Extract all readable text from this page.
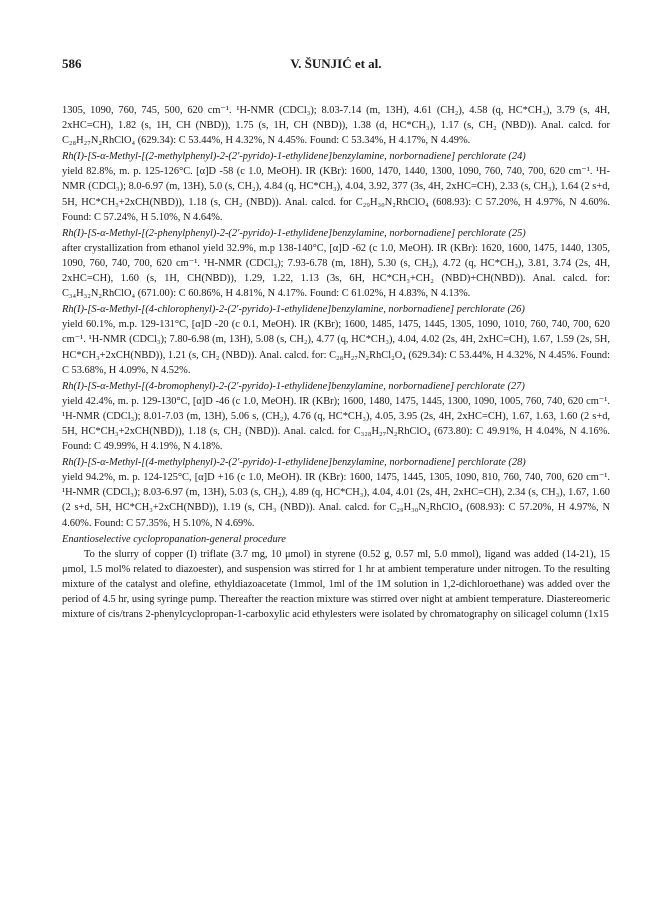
586	V. ŠUNJIĆ et al.

1305, 1090, 760, 745, 500, 620 cm⁻¹. ¹H-NMR (CDCl₃); 8.03-7.14 (m, 13H), 4.61 (CH₂), 4.58 (q, HC*CH₃), 3.79 (s, 4H, 2xHC=CH), 1.82 (s, 1H, CH (NBD)), 1.75 (s, 1H, CH (NBD)), 1.38 (d, HC*CH₃), 1.17 (s, CH₂ (NBD)). Anal. calcd. for C₂₈H₂₇N₂RhClO₄ (629.34): C 53.44%, H 4.32%, N 4.45%. Found: C 53.34%, H 4.17%, N 4.49%.

Rh(I)-[S-α-Methyl-[(2-methylphenyl)-2-(2'-pyrido)-1-ethylidene]benzylamine, norbornadiene] perchlorate (24)

yield 82.8%, m. p. 125-126°C. [α]D -58 (c 1.0, MeOH). IR (KBr): 1600, 1470, 1440, 1300, 1090, 760, 740, 700, 620 cm⁻¹. ¹H-NMR (CDCl₃); 8.0-6.97 (m, 13H), 5.0 (s, CH₂), 4.84 (q, HC*CH₃), 4.04, 3.92, 377 (3s, 4H, 2xHC=CH), 2.33 (s, CH₃), 1.64 (2 s+d, 5H, HC*CH₃+2xCH(NBD)), 1.18 (s, CH₂ (NBD)). Anal. calcd. for C₂₉H₃₀N₂RhClO₄ (608.93): C 57.20%, H 4.97%, N 4.60%. Found: C 57.24%, H 5.10%, N 4.64%.

Rh(I)-[S-α-Methyl-[(2-phenylphenyl)-2-(2'-pyrido)-1-ethylidene]benzylamine, norbornadiene] perchlorate (25)

after crystallization from ethanol yield 32.9%, m.p 138-140°C, [α]D -62 (c 1.0, MeOH). IR (KBr): 1620, 1600, 1475, 1440, 1305, 1090, 760, 740, 700, 620 cm⁻¹. ¹H-NMR (CDCl₃); 7.93-6.78 (m, 18H), 5.30 (s, CH₂), 4.72 (q, HC*CH₃), 3.81, 3.74 (2s, 4H, 2xHC=CH), 1.60 (s, 1H, CH(NBD)), 1.29, 1.22, 1.13 (3s, 6H, HC*CH₃+CH₂ (NBD)+CH(NBD)). Anal. calcd. for: C₃₄H₃₂N₂RhClO₄ (671.00): C 60.86%, H 4.81%, N 4.17%. Found: C 61.02%, H 4.83%, N 4.13%.

Rh(I)-[S-α-Methyl-[(4-chlorophenyl)-2-(2'-pyrido)-1-ethylidene]benzylamine, norbornadiene] perchlorate (26)

yield 60.1%, m.p. 129-131°C, [α]D -20 (c 0.1, MeOH). IR (KBr); 1600, 1485, 1475, 1445, 1305, 1090, 1010, 760, 740, 700, 620 cm⁻¹. ¹H-NMR (CDCl₃); 7.80-6.98 (m, 13H), 5.08 (s, CH₂), 4.77 (q, HC*CH₃), 4.04, 4.02 (2s, 4H, 2xHC=CH), 1.67, 1.59 (2s, 5H, HC*CH₃+2xCH(NBD)), 1.21 (s, CH₂ (NBD)). Anal. calcd. for: C₂₈H₂₇N₂RhCl₂O₄ (629.34): C 53.44%, H 4.32%, N 4.45%. Found: C 53.68%, H 4.09%, N 4.52%.

Rh(I)-[S-α-Methyl-[(4-bromophenyl)-2-(2'-pyrido)-1-ethylidene]benzylamine, norbornadiene] perchlorate (27)

yield 42.4%, m. p. 129-130°C, [α]D -46 (c 1.0, MeOH). IR (KBr); 1600, 1480, 1475, 1445, 1300, 1090, 1005, 760, 740, 620 cm⁻¹. ¹H-NMR (CDCl₃); 8.01-7.03 (m, 13H), 5.06 s, (CH₂), 4.76 (q, HC*CH₃), 4.05, 3.95 (2s, 4H, 2xHC=CH), 1.67, 1.63, 1.60 (2 s+d, 5H, HC*CH₃+2xCH(NBD)), 1.18 (s, CH₂ (NBD)). Anal. calcd. for C₃₂₈H₂₇N₂RhClO₄ (673.80): C 49.91%, H 4.04%, N 4.16%. Found: C 49.99%, H 4.19%, N 4.18%.

Rh(I)-[S-α-Methyl-[(4-methylphenyl)-2-(2'-pyrido)-1-ethylidene]benzylamine, norbornadiene] perchlorate (28)

yield 94.2%, m. p. 124-125°C, [α]D +16 (c 1.0, MeOH). IR (KBr): 1600, 1475, 1445, 1305, 1090, 810, 760, 740, 700, 620 cm⁻¹. ¹H-NMR (CDCl₃); 8.03-6.97 (m, 13H), 5.03 (s, CH₂), 4.89 (q, HC*CH₃), 4.04, 4.01 (2s, 4H, 2xHC=CH), 2.34 (s, CH₃), 1.67, 1.60 (2 s+d, 5H, HC*CH₃+2xCH(NBD)), 1.19 (s, CH₃ (NBD)). Anal. calcd. for C₂₉H₃₀N₂RhClO₄ (608.93): C 57.20%, H 4.97%, N 4.60%. Found: C 57.35%, H 5.10%, N 4.69%.

Enantioselective cyclopropanation-general procedure

To the slurry of copper (I) triflate (3.7 mg, 10 μmol) in styrene (0.52 g, 0.57 ml, 5.0 mmol), ligand was added (14-21), 15 μmol, 1.5 mol% related to diazoester), and suspension was stirred for 1 hr at ambient temperature under nitrogen. To the resulting mixture of the catalyst and olefine, ethyldiazoacetate (1mmol, 1ml of the 1M solution in 1,2-dichloroethane) was added over the period of 4.5 hr, using syringe pump. Thereafter the reaction mixture was stirred over night at ambient temperature. Diastereomeric mixture of cis/trans 2-phenylcyclopropan-1-carboxylic acid ethylesters were isolated by chromatography on silicagel column (1x15
